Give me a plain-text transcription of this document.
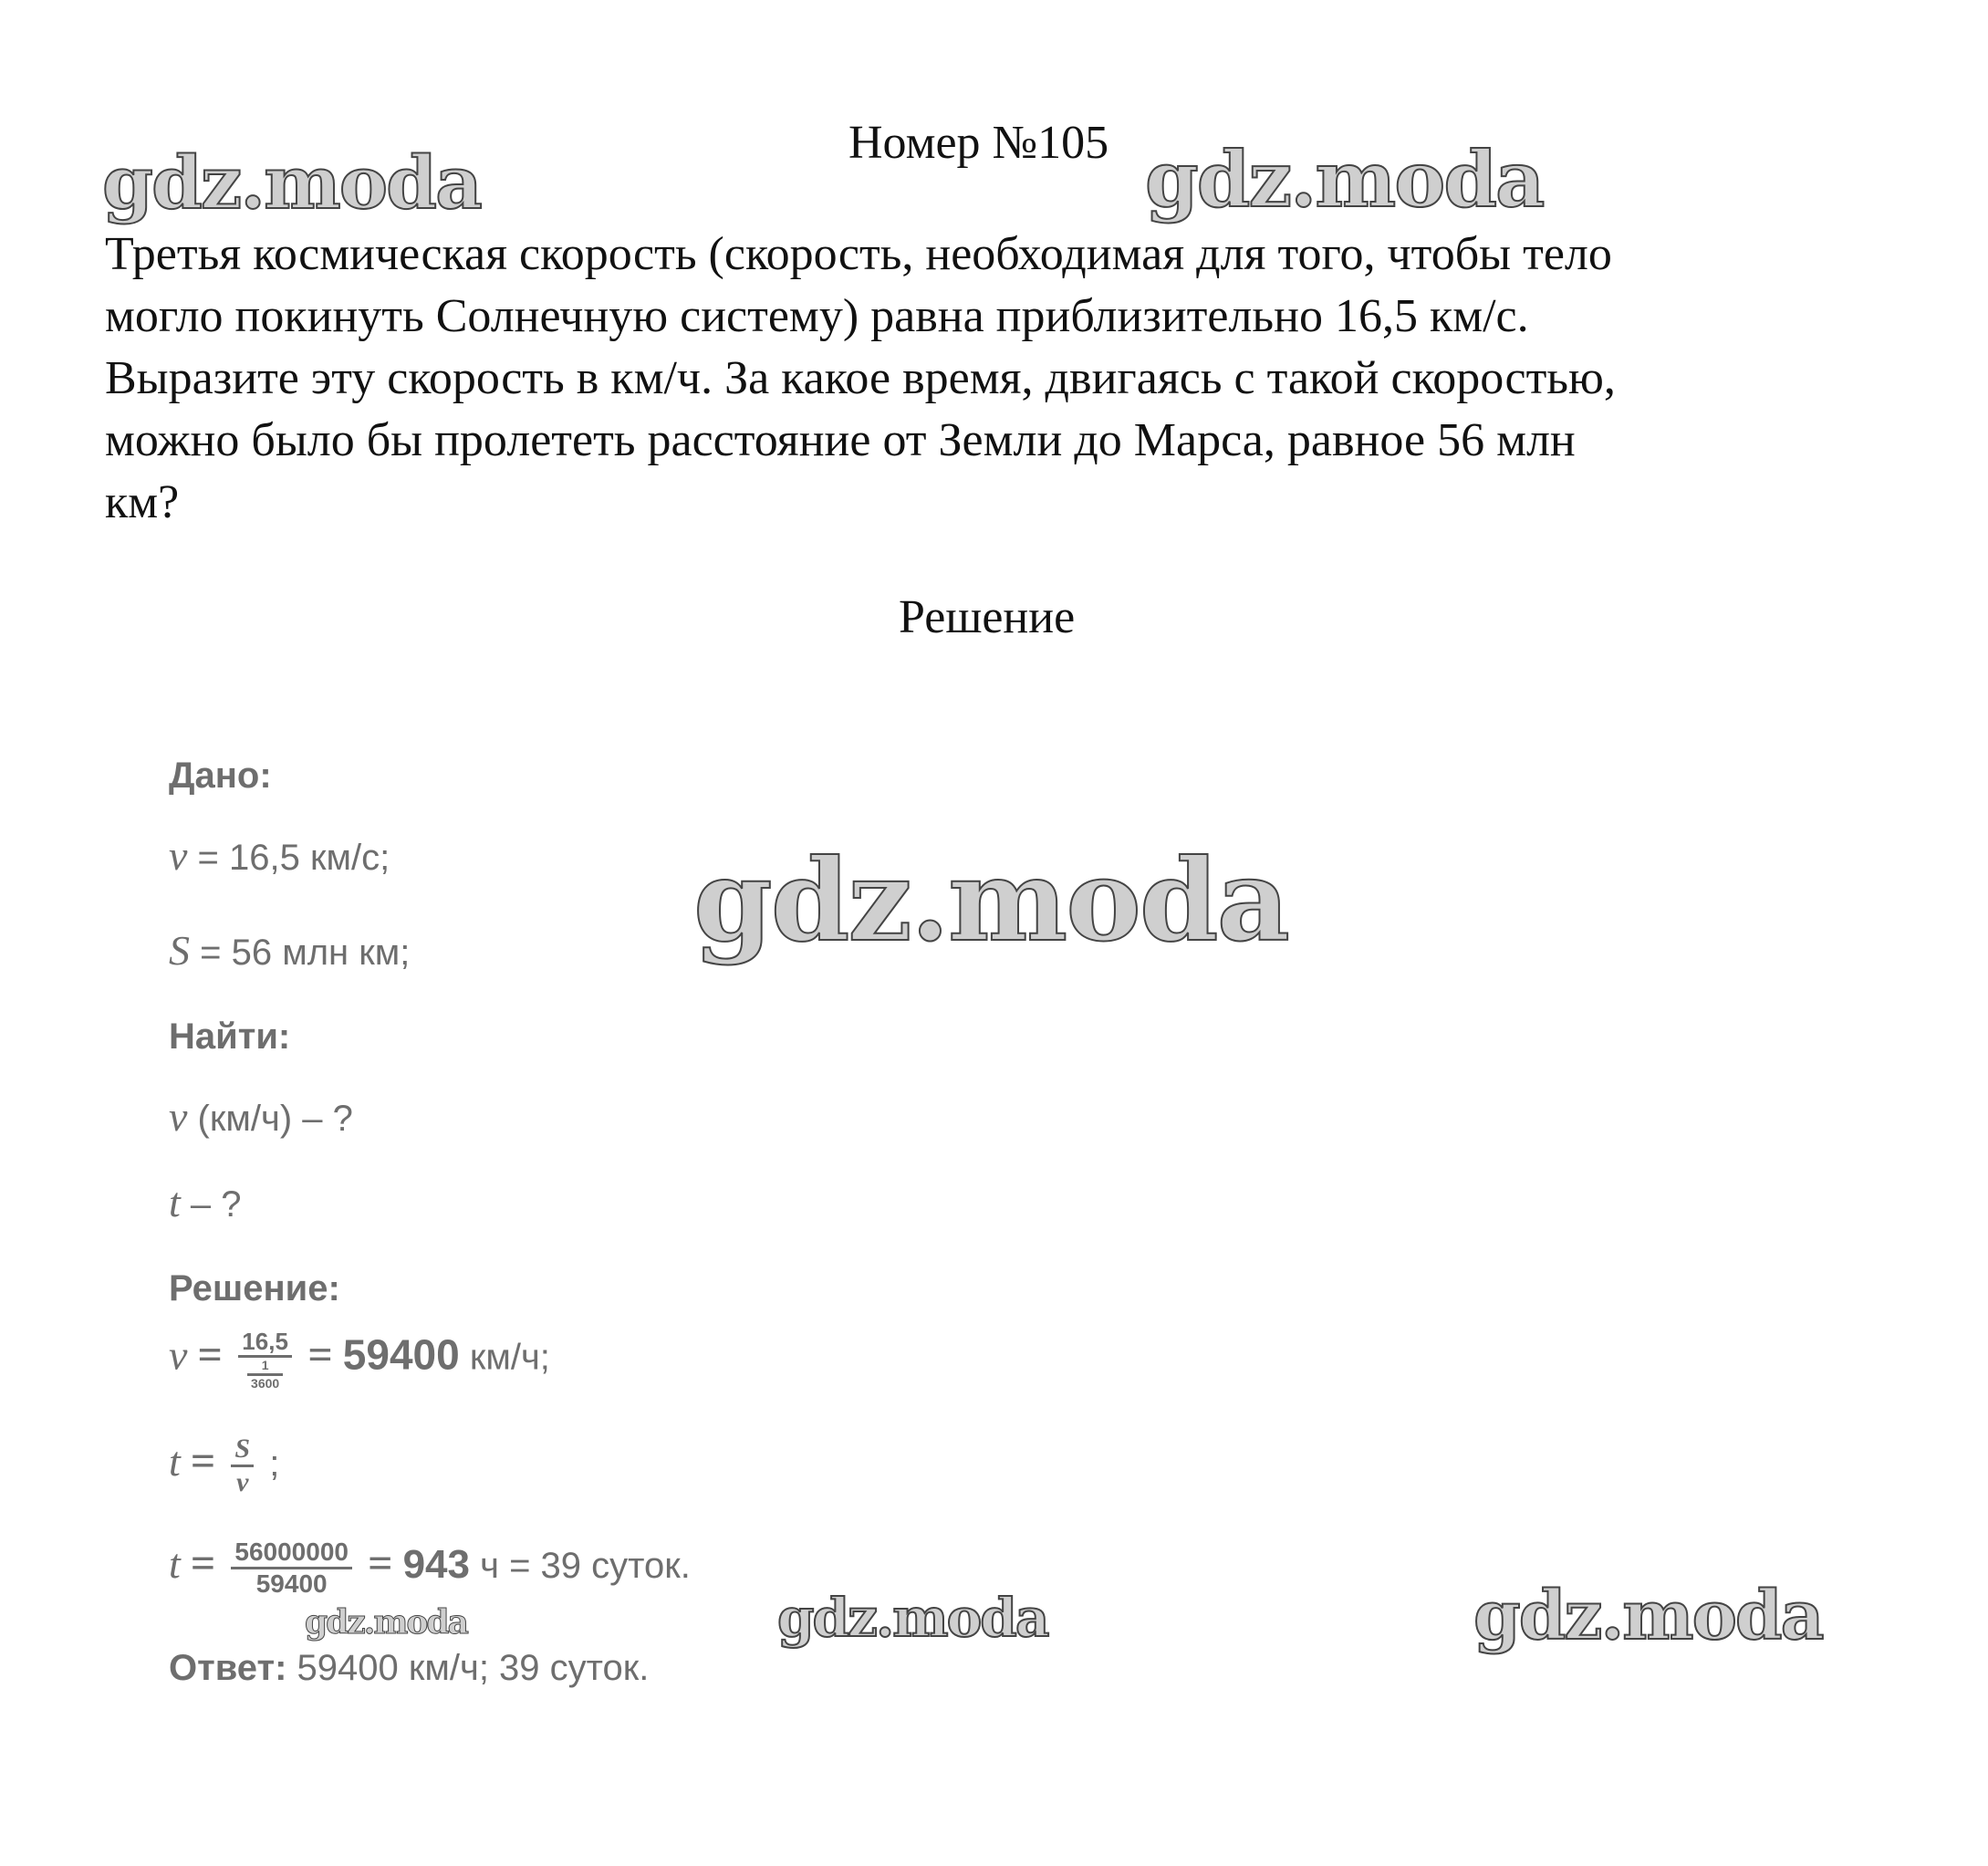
Номер №105
Третья космическая скорость (скорость, необходимая для того, чтобы тело
могло покинуть Солнечную систему) равна приблизительно 16,5 км/с.
Выразите эту скорость в км/ч. За какое время, двигаясь с такой скоростью,
можно было бы пролететь расстояние от Земли до Марса, равное 56 млн
км?
Решение
Дано:
v = 16,5 км/с;
S = 56 млн км;
Найти:
v (км/ч) – ?
t – ?
Решение:
$v = \frac{16,5}{\frac{1}{3600}} = 59400$ км/ч;
$t = \frac{S}{v}$ ;
$t = \frac{56000000}{59400} = 943$ ч = 39 суток.
Ответ: 59400 км/ч; 39 суток.
gdz.moda	gdz.moda
gdz.moda
gdz.moda	gdz.moda	gdz.moda
